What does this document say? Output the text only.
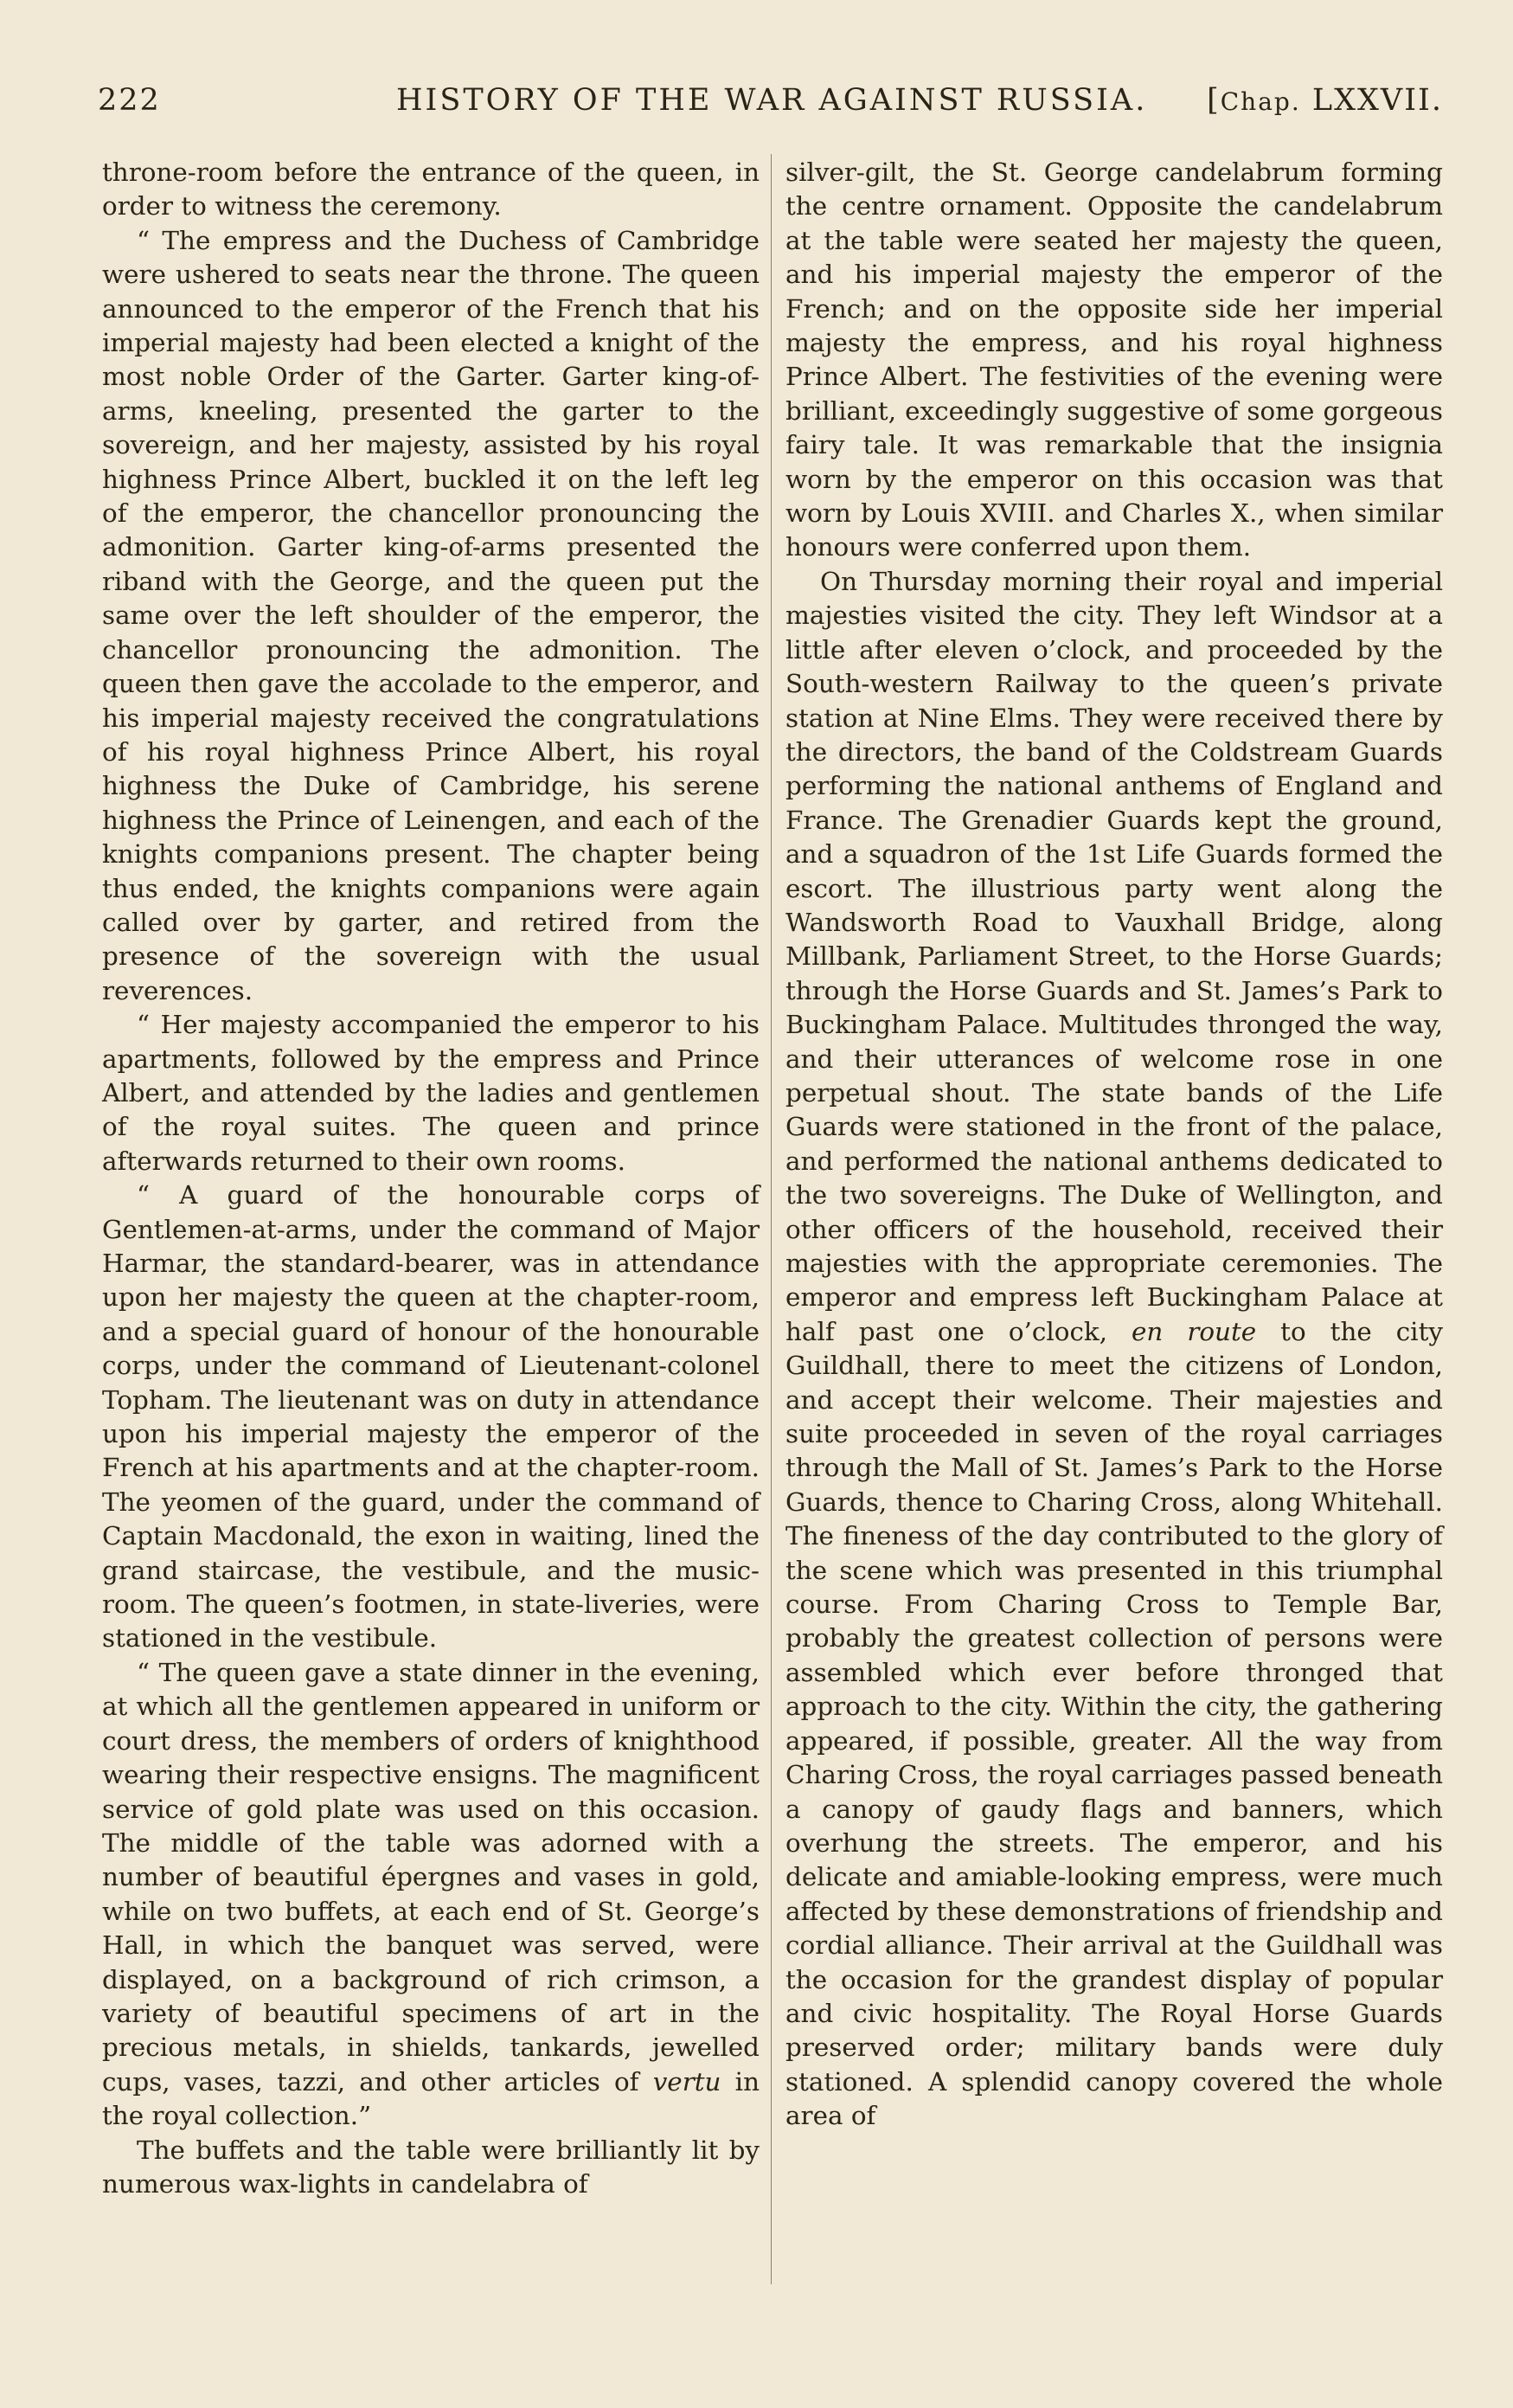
222	HISTORY OF THE WAR AGAINST RUSSIA. [Chap. LXXVII.

throne-room before the entrance of the queen, in order to witness the ceremony.

“ The empress and the Duchess of Cambridge were ushered to seats near the throne. The queen announced to the emperor of the French that his imperial majesty had been elected a knight of the most noble Order of the Garter. Garter king-of-arms, kneeling, presented the garter to the sovereign, and her majesty, assisted by his royal highness Prince Albert, buckled it on the left leg of the emperor, the chancellor pronouncing the admonition. Garter king-of-arms presented the riband with the George, and the queen put the same over the left shoulder of the emperor, the chancellor pronouncing the admonition. The queen then gave the accolade to the emperor, and his imperial majesty received the congratulations of his royal highness Prince Albert, his royal highness the Duke of Cambridge, his serene highness the Prince of Leinengen, and each of the knights companions present. The chapter being thus ended, the knights companions were again called over by garter, and retired from the presence of the sovereign with the usual reverences.

“ Her majesty accompanied the emperor to his apartments, followed by the empress and Prince Albert, and attended by the ladies and gentlemen of the royal suites. The queen and prince afterwards returned to their own rooms.

“ A guard of the honourable corps of Gentlemen-at-arms, under the command of Major Harmar, the standard-bearer, was in attendance upon her majesty the queen at the chapter-room, and a special guard of honour of the honourable corps, under the command of Lieutenant-colonel Topham. The lieutenant was on duty in attendance upon his imperial majesty the emperor of the French at his apartments and at the chapter-room. The yeomen of the guard, under the command of Captain Macdonald, the exon in waiting, lined the grand staircase, the vestibule, and the music-room. The queen’s footmen, in state-liveries, were stationed in the vestibule.

“ The queen gave a state dinner in the evening, at which all the gentlemen appeared in uniform or court dress, the members of orders of knighthood wearing their respective ensigns. The magnificent service of gold plate was used on this occasion. The middle of the table was adorned with a number of beautiful épergnes and vases in gold, while on two buffets, at each end of St. George’s Hall, in which the banquet was served, were displayed, on a background of rich crimson, a variety of beautiful specimens of art in the precious metals, in shields, tankards, jewelled cups, vases, tazzi, and other articles of vertu in the royal collection.”

The buffets and the table were brilliantly lit by numerous wax-lights in candelabra of

silver-gilt, the St. George candelabrum forming the centre ornament. Opposite the candelabrum at the table were seated her majesty the queen, and his imperial majesty the emperor of the French; and on the opposite side her imperial majesty the empress, and his royal highness Prince Albert. The festivities of the evening were brilliant, exceedingly suggestive of some gorgeous fairy tale. It was remarkable that the insignia worn by the emperor on this occasion was that worn by Louis XVIII. and Charles X., when similar honours were conferred upon them.

On Thursday morning their royal and imperial majesties visited the city. They left Windsor at a little after eleven o’clock, and proceeded by the South-western Railway to the queen’s private station at Nine Elms. They were received there by the directors, the band of the Coldstream Guards performing the national anthems of England and France. The Grenadier Guards kept the ground, and a squadron of the 1st Life Guards formed the escort. The illustrious party went along the Wandsworth Road to Vauxhall Bridge, along Millbank, Parliament Street, to the Horse Guards; through the Horse Guards and St. James’s Park to Buckingham Palace. Multitudes thronged the way, and their utterances of welcome rose in one perpetual shout. The state bands of the Life Guards were stationed in the front of the palace, and performed the national anthems dedicated to the two sovereigns. The Duke of Wellington, and other officers of the household, received their majesties with the appropriate ceremonies. The emperor and empress left Buckingham Palace at half past one o’clock, en route to the city Guildhall, there to meet the citizens of London, and accept their welcome. Their majesties and suite proceeded in seven of the royal carriages through the Mall of St. James’s Park to the Horse Guards, thence to Charing Cross, along Whitehall. The fineness of the day contributed to the glory of the scene which was presented in this triumphal course. From Charing Cross to Temple Bar, probably the greatest collection of persons were assembled which ever before thronged that approach to the city. Within the city, the gathering appeared, if possible, greater. All the way from Charing Cross, the royal carriages passed beneath a canopy of gaudy flags and banners, which overhung the streets. The emperor, and his delicate and amiable-looking empress, were much affected by these demonstrations of friendship and cordial alliance. Their arrival at the Guildhall was the occasion for the grandest display of popular and civic hospitality. The Royal Horse Guards preserved order; military bands were duly stationed. A splendid canopy covered the whole area of
